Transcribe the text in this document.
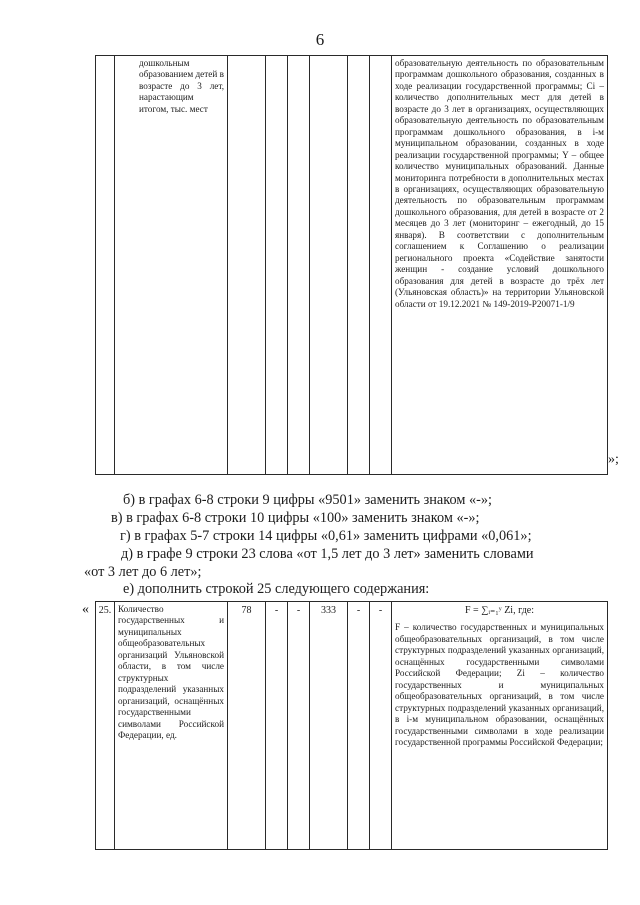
6
	дошкольным образованием детей в возрасте до 3 лет, нарастающим итогом, тыс. мест							образовательную деятельность по образовательным программам дошкольного образования, созданных в ходе реализации государственной программы; Ci – количество дополнительных мест для детей в возрасте до 3 лет в организациях, осуществляющих образовательную деятельность по образовательным программам дошкольного образования, в i-м муниципальном образовании, созданных в ходе реализации государственной программы; Y – общее количество муниципальных образований. Данные мониторинга потребности в дополнительных местах в организациях, осуществляющих образовательную деятельность по образовательным программам дошкольного образования, для детей в возрасте от 2 месяцев до 3 лет (мониторинг – ежегодный, до 15 января). В соответствии с дополнительным соглашением к Соглашению о реализации регионального проекта «Содействие занятости женщин - создание условий дошкольного образования для детей в возрасте до трёх лет (Ульяновская область)» на территории Ульяновской области от 19.12.2021 № 149-2019-Р20071-1/9
»;
б) в графах 6-8 строки 9 цифры «9501» заменить знаком «-»;
в) в графах 6-8 строки 10 цифры «100» заменить знаком «-»;
г) в графах 5-7 строки 14 цифры «0,61» заменить цифрами «0,061»;
д) в графе 9 строки 23 слова «от 1,5 лет до 3 лет» заменить словами
«от 3 лет до 6 лет»;
е) дополнить строкой 25 следующего содержания:
« 25.	Количество государственных и муниципальных общеобразовательных организаций Ульяновской области, в том числе структурных подразделений указанных организаций, оснащённых государственными символами Российской Федерации, ед.	78	-	-	333	-	-	F = ∑ᵢ₌₁ʸ Zi, где:
F – количество государственных и муниципальных общеобразовательных организаций, в том числе структурных подразделений указанных организаций, оснащённых государственными символами Российской Федерации; Zi – количество государственных и муниципальных общеобразовательных организаций, в том числе структурных подразделений указанных организаций, в i-м муниципальном образовании, оснащённых государственными символами в ходе реализации государственной программы Российской Федерации;
